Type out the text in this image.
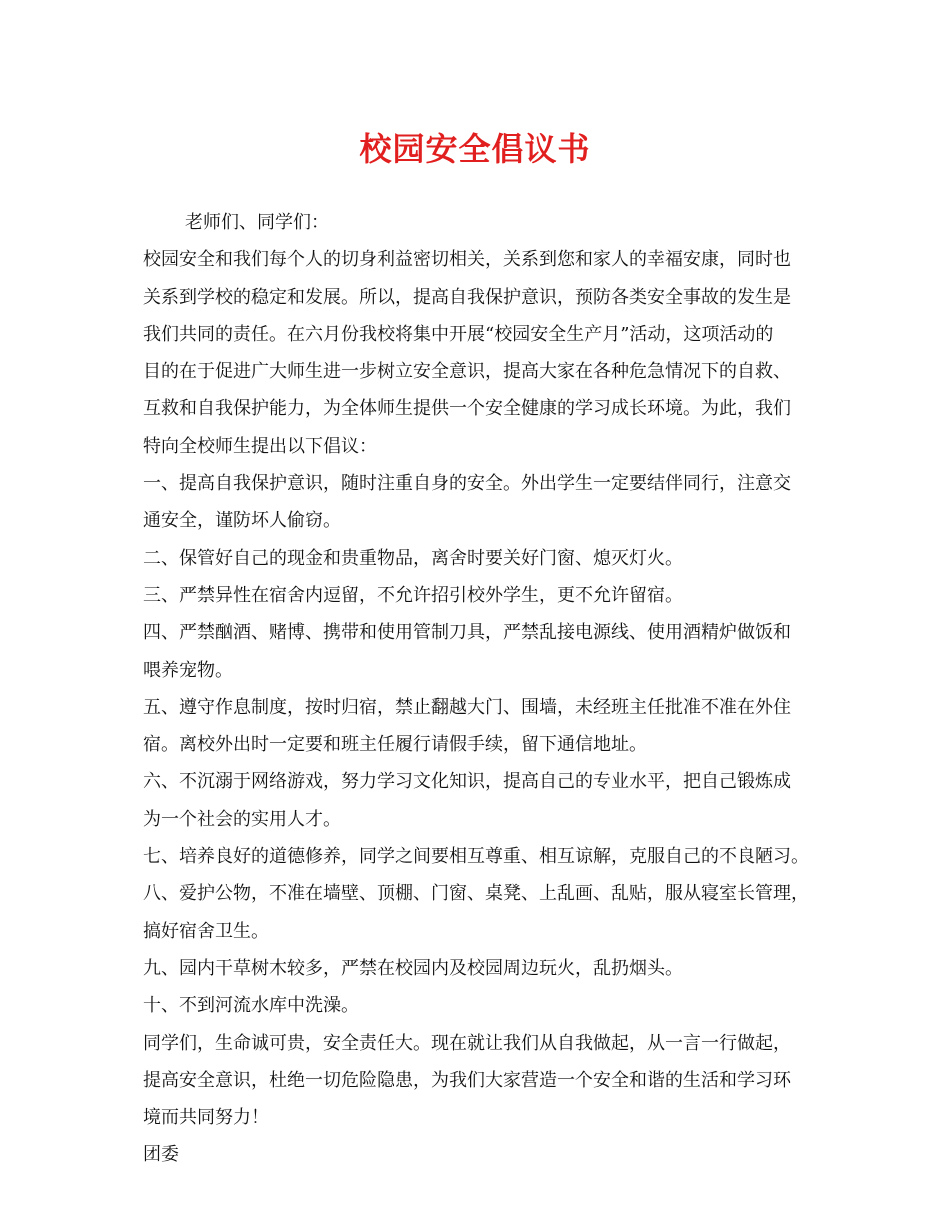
校园安全倡议书
老师们、同学们：
校园安全和我们每个人的切身利益密切相关，关系到您和家人的幸福安康，同时也
关系到学校的稳定和发展。所以，提高自我保护意识，预防各类安全事故的发生是
我们共同的责任。在六月份我校将集中开展“校园安全生产月”活动，这项活动的
目的在于促进广大师生进一步树立安全意识，提高大家在各种危急情况下的自救、
互救和自我保护能力，为全体师生提供一个安全健康的学习成长环境。为此，我们
特向全校师生提出以下倡议：
一、提高自我保护意识，随时注重自身的安全。外出学生一定要结伴同行，注意交
通安全，谨防坏人偷窃。
二、保管好自己的现金和贵重物品，离舍时要关好门窗、熄灭灯火。
三、严禁异性在宿舍内逗留，不允许招引校外学生，更不允许留宿。
四、严禁酗酒、赌博、携带和使用管制刀具，严禁乱接电源线、使用酒精炉做饭和
喂养宠物。
五、遵守作息制度，按时归宿，禁止翻越大门、围墙，未经班主任批准不准在外住
宿。离校外出时一定要和班主任履行请假手续，留下通信地址。
六、不沉溺于网络游戏，努力学习文化知识，提高自己的专业水平，把自己锻炼成
为一个社会的实用人才。
七、培养良好的道德修养，同学之间要相互尊重、相互谅解，克服自己的不良陋习。
八、爱护公物，不准在墙壁、顶棚、门窗、桌凳、上乱画、乱贴，服从寝室长管理，
搞好宿舍卫生。
九、园内干草树木较多，严禁在校园内及校园周边玩火，乱扔烟头。
十、不到河流水库中洗澡。
同学们，生命诚可贵，安全责任大。现在就让我们从自我做起，从一言一行做起，
提高安全意识，杜绝一切危险隐患，为我们大家营造一个安全和谐的生活和学习环
境而共同努力！
团委
